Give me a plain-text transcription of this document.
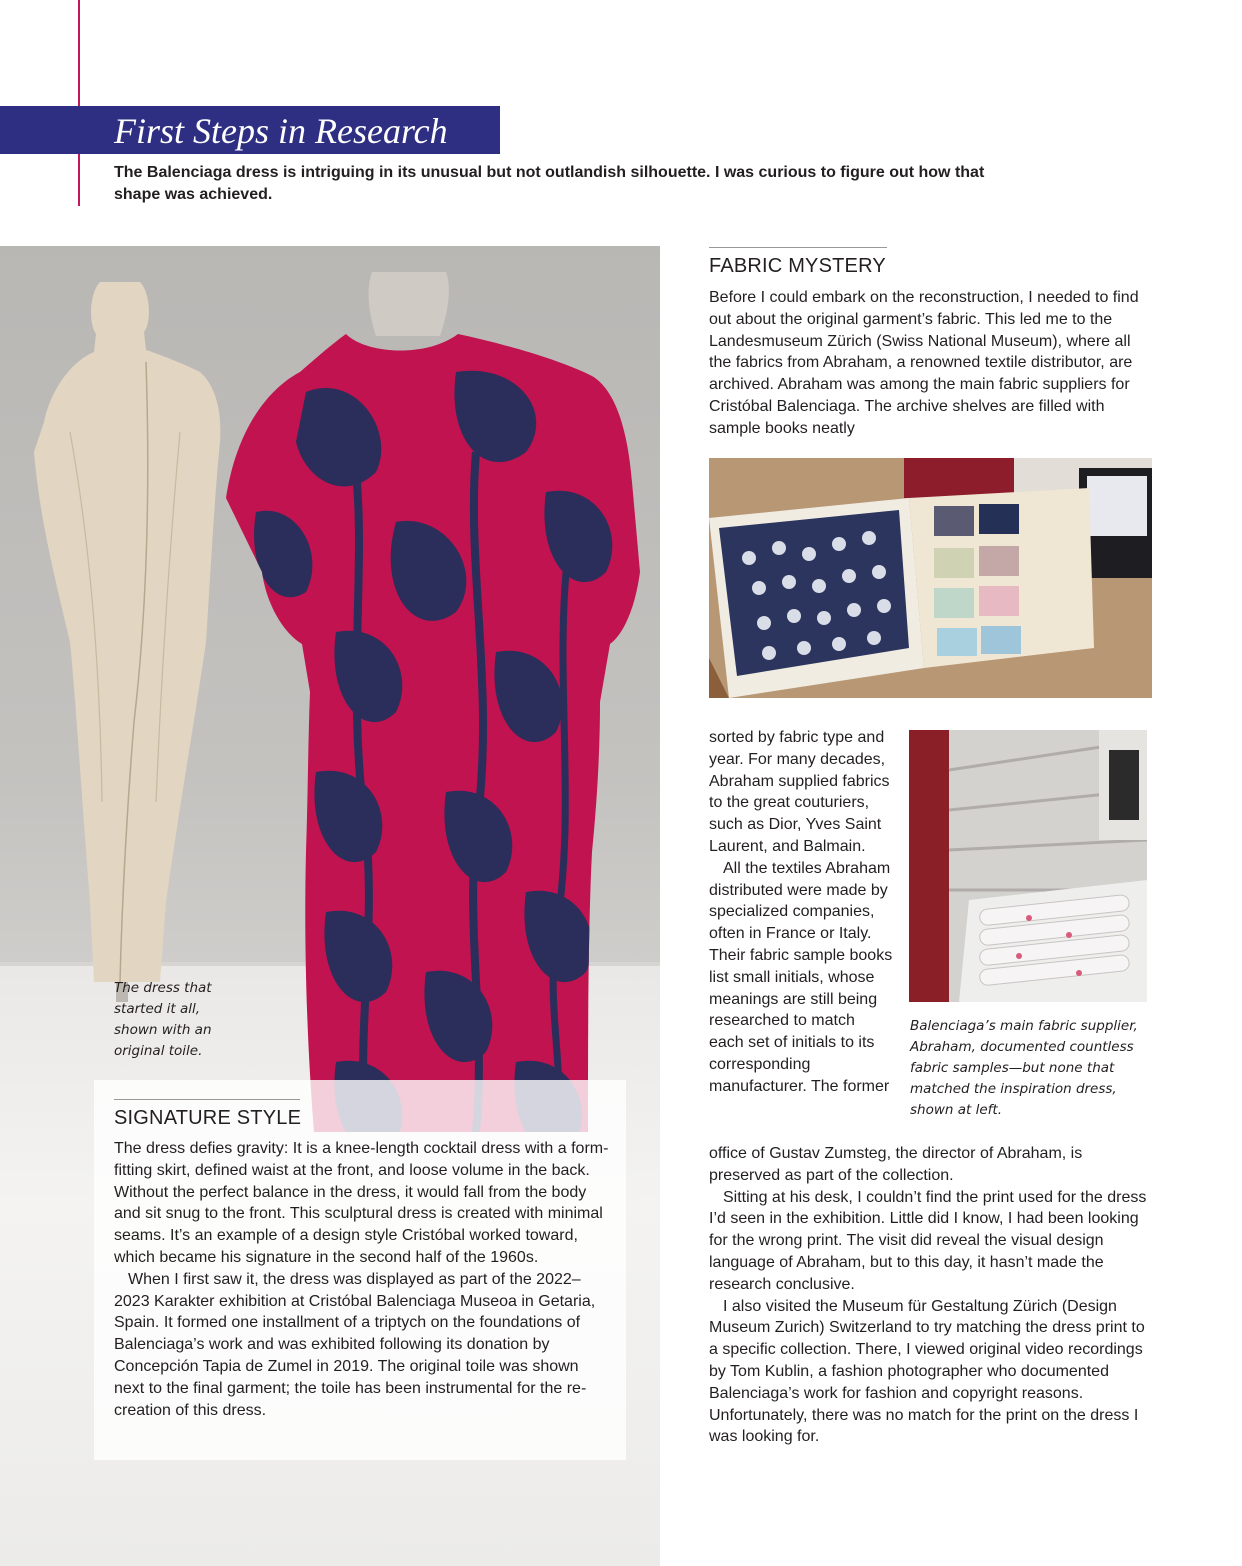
First Steps in Research

The Balenciaga dress is intriguing in its unusual but not outlandish silhouette. I was curious to figure out how that shape was achieved.

The dress that started it all, shown with an original toile.

SIGNATURE STYLE

The dress defies gravity: It is a knee-length cocktail dress with a form-fitting skirt, defined waist at the front, and loose volume in the back. Without the perfect balance in the dress, it would fall from the body and sit snug to the front. This sculptural dress is created with minimal seams. It’s an example of a design style Cristóbal worked toward, which became his signature in the second half of the 1960s.

When I first saw it, the dress was displayed as part of the 2022–2023 Karakter exhibition at Cristóbal Balenciaga Museoa in Getaria, Spain. It formed one installment of a triptych on the foundations of Balenciaga’s work and was exhibited following its donation by Concepción Tapia de Zumel in 2019. The original toile was shown next to the final garment; the toile has been instrumental for the re-creation of this dress.

FABRIC MYSTERY

Before I could embark on the reconstruction, I needed to find out about the original garment’s fabric. This led me to the Landesmuseum Zürich (Swiss National Museum), where all the fabrics from Abraham, a renowned textile distributor, are archived. Abraham was among the main fabric suppliers for Cristóbal Balenciaga. The archive shelves are filled with sample books neatly

sorted by fabric type and year. For many decades, Abraham supplied fabrics to the great couturiers, such as Dior, Yves Saint Laurent, and Balmain.

All the textiles Abraham distributed were made by specialized companies, often in France or Italy. Their fabric sample books list small initials, whose meanings are still being researched to match each set of initials to its corresponding manufacturer. The former

Balenciaga’s main fabric supplier, Abraham, documented countless fabric samples—but none that matched the inspiration dress, shown at left.

office of Gustav Zumsteg, the director of Abraham, is preserved as part of the collection.

Sitting at his desk, I couldn’t find the print used for the dress I’d seen in the exhibition. Little did I know, I had been looking for the wrong print. The visit did reveal the visual design language of Abraham, but to this day, it hasn’t made the research conclusive.

I also visited the Museum für Gestaltung Zürich (Design Museum Zurich) Switzerland to try matching the dress print to a specific collection. There, I viewed original video recordings by Tom Kublin, a fashion photographer who documented Balenciaga’s work for fashion and copyright reasons. Unfortunately, there was no match for the print on the dress I was looking for.
